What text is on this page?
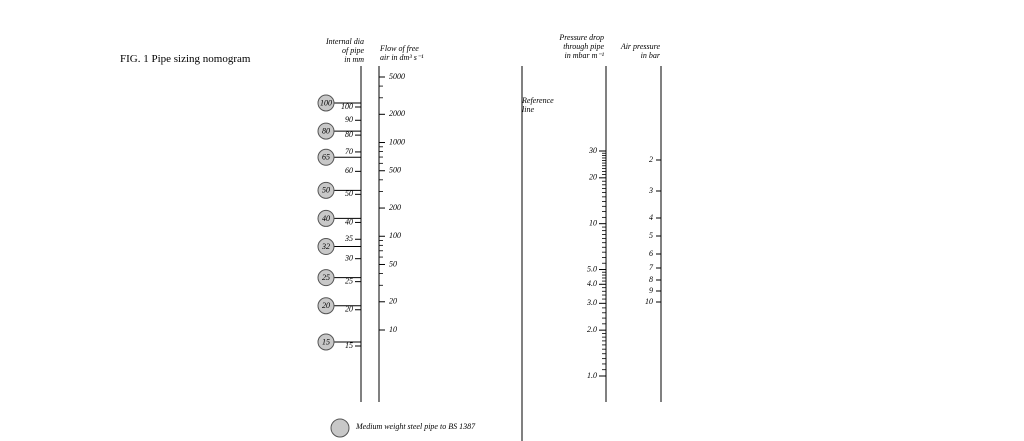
FIG. 1 Pipe sizing nomogram
Internal dia
of pipe
in mm
Flow of free
air in dm³ s⁻¹
Reference
line
Pressure drop
through pipe
in mbar m⁻¹
Air pressure
in bar
Medium weight steel pipe to BS 1387
100
90
80
70
60
50
40
35
30
25
20
15
100
80
65
50
40
32
25
20
15
5000
2000
1000
500
200
100
50
20
10
30
20
10
5.0
4.0
3.0
2.0
1.0
2
3
4
5
6
7
8
9
10
